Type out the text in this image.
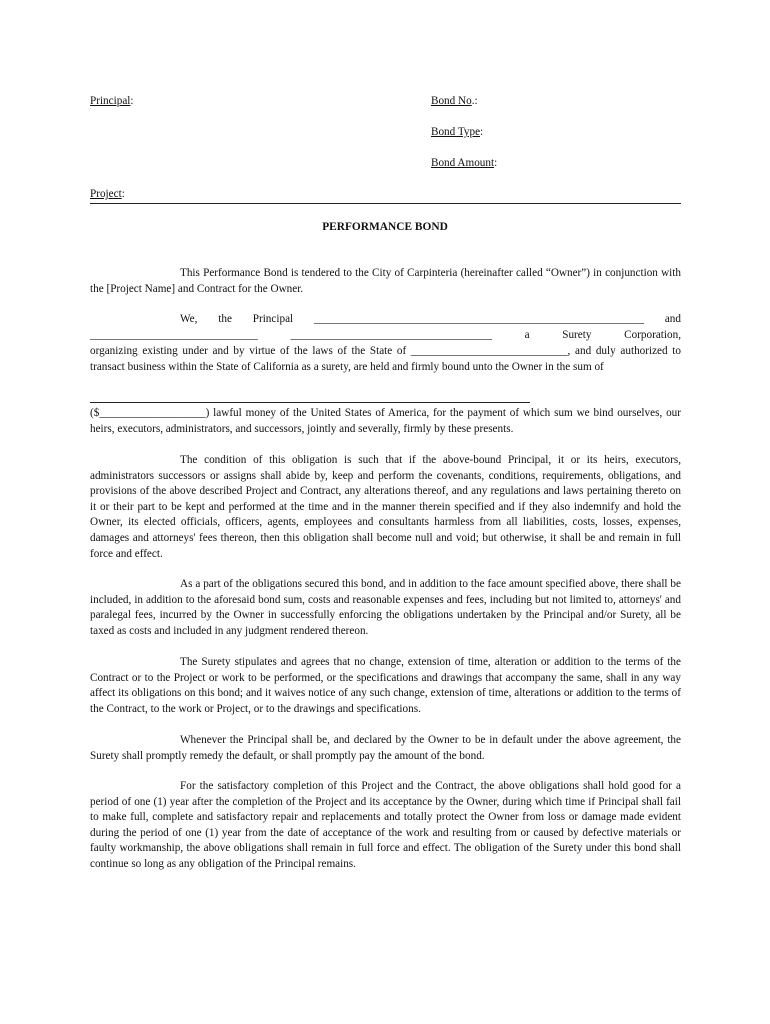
Principal:	Bond No.:
Bond Type:
Bond Amount:
Project:
PERFORMANCE BOND
This Performance Bond is tendered to the City of Carpinteria (hereinafter called “Owner”) in conjunction with the [Project Name] and Contract for the Owner.
We, the Principal ___________________________________________________________ and
______________________________ ____________________________________ a Surety Corporation,
organizing existing under and by virtue of the laws of the State of ____________________________, and duly authorized to transact business within the State of California as a surety, are held and firmly bound unto the Owner in the sum of
($___________________) lawful money of the United States of America, for the payment of which sum we bind ourselves, our heirs, executors, administrators, and successors, jointly and severally, firmly by these presents.
The condition of this obligation is such that if the above-bound Principal, it or its heirs, executors, administrators successors or assigns shall abide by, keep and perform the covenants, conditions, requirements, obligations, and provisions of the above described Project and Contract, any alterations thereof, and any regulations and laws pertaining thereto on it or their part to be kept and performed at the time and in the manner therein specified and if they also indemnify and hold the Owner, its elected officials, officers, agents, employees and consultants harmless from all liabilities, costs, losses, expenses, damages and attorneys' fees thereon, then this obligation shall become null and void; but otherwise, it shall be and remain in full force and effect.
As a part of the obligations secured this bond, and in addition to the face amount specified above, there shall be included, in addition to the aforesaid bond sum, costs and reasonable expenses and fees, including but not limited to, attorneys' and paralegal fees, incurred by the Owner in successfully enforcing the obligations undertaken by the Principal and/or Surety, all be taxed as costs and included in any judgment rendered thereon.
The Surety stipulates and agrees that no change, extension of time, alteration or addition to the terms of the Contract or to the Project or work to be performed, or the specifications and drawings that accompany the same, shall in any way affect its obligations on this bond; and it waives notice of any such change, extension of time, alterations or addition to the terms of the Contract, to the work or Project, or to the drawings and specifications.
Whenever the Principal shall be, and declared by the Owner to be in default under the above agreement, the Surety shall promptly remedy the default, or shall promptly pay the amount of the bond.
For the satisfactory completion of this Project and the Contract, the above obligations shall hold good for a period of one (1) year after the completion of the Project and its acceptance by the Owner, during which time if Principal shall fail to make full, complete and satisfactory repair and replacements and totally protect the Owner from loss or damage made evident during the period of one (1) year from the date of acceptance of the work and resulting from or caused by defective materials or faulty workmanship, the above obligations shall remain in full force and effect. The obligation of the Surety under this bond shall continue so long as any obligation of the Principal remains.
